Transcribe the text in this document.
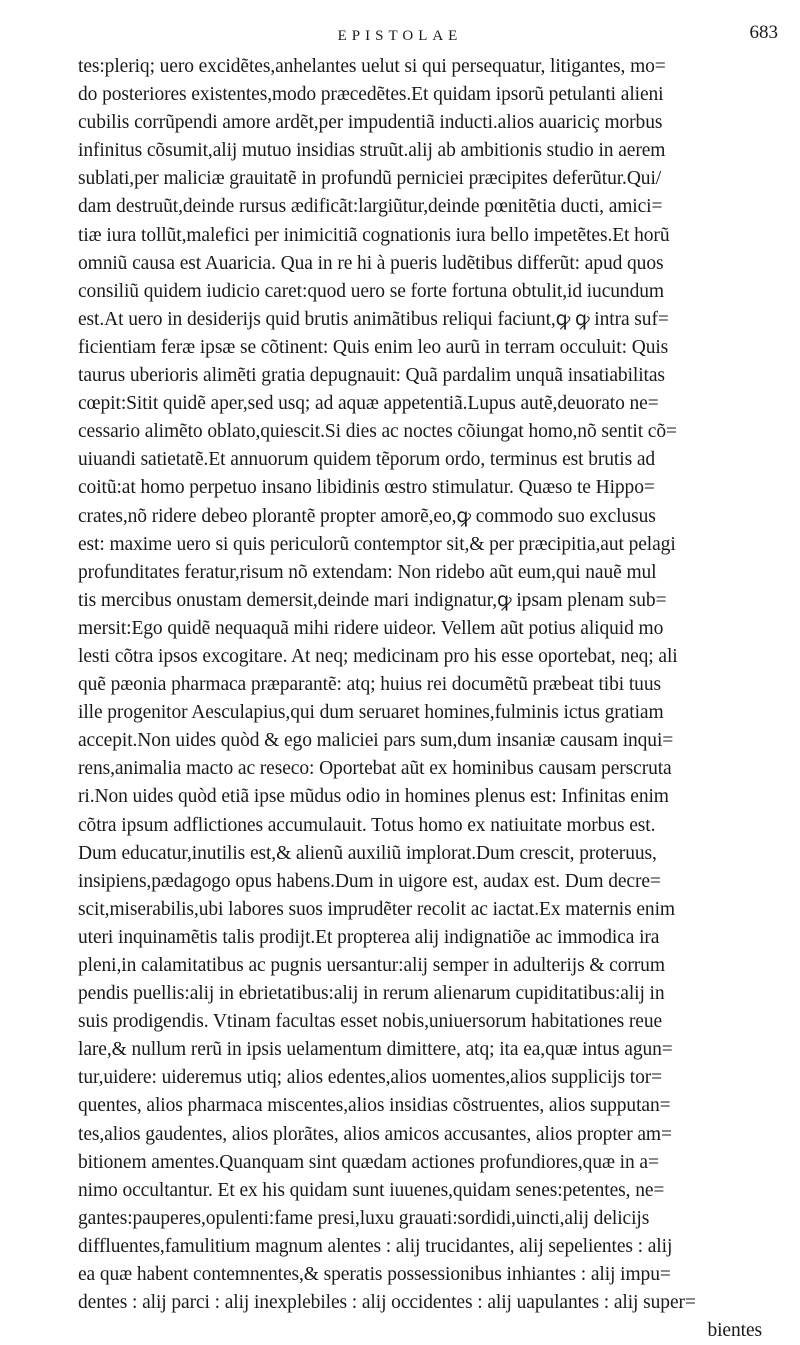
EPISTOLAE	683
tes:pleriq; uero excidẽtes,anhelantes uelut si qui persequatur, litigantes, mo=
do posteriores existentes,modo præcedẽtes.Et quidam ipsorũ petulanti alieni
cubilis corrũpendi amore ardẽt,per impudentiã inducti.alios auariciç morbus
infinitus cõsumit,alij mutuo insidias struũt.alij ab ambitionis studio in aerem
sublati,per maliciæ grauitatẽ in profundũ perniciei præcipites deferũtur.Qui/
dam destruũt,deinde rursus ædificãt:largiũtur,deinde pœnitẽtia ducti, amici=
tiæ iura tollũt,malefici per inimicitiã cognationis iura bello impetẽtes.Et horũ
omniũ causa est Auaricia. Qua in re hi à pueris ludẽtibus differũt: apud quos
consiliũ quidem iudicio caret:quod uero se forte fortuna obtulit,id iucundum
est.At uero in desiderijs quid brutis animãtibus reliqui faciunt,ꝙ ꝙ intra suf=
ficientiam feræ ipsæ se cõtinent: Quis enim leo aurũ in terram occuluit: Quis
taurus uberioris alimẽti gratia depugnauit: Quã pardalim unquã insatiabilitas
cœpit:Sitit quidẽ aper,sed usq; ad aquæ appetentiã.Lupus autẽ,deuorato ne=
cessario alimẽto oblato,quiescit.Si dies ac noctes cõiungat homo,nõ sentit cõ=
uiuandi satietatẽ.Et annuorum quidem tẽporum ordo, terminus est brutis ad
coitũ:at homo perpetuo insano libidinis œstro stimulatur. Quæso te Hippo=
crates,nõ ridere debeo plorantẽ propter amorẽ,eo,ꝙ commodo suo exclusus
est: maxime uero si quis periculorũ contemptor sit,& per præcipitia,aut pelagi
profunditates feratur,risum nõ extendam: Non ridebo aũt eum,qui nauẽ mul
tis mercibus onustam demersit,deinde mari indignatur,ꝙ ipsam plenam sub=
mersit:Ego quidẽ nequaquã mihi ridere uideor. Vellem aũt potius aliquid mo
lesti cõtra ipsos excogitare. At neq; medicinam pro his esse oportebat, neq; ali
quẽ pæonia pharmaca præparantẽ: atq; huius rei documẽtũ præbeat tibi tuus
ille progenitor Aesculapius,qui dum seruaret homines,fulminis ictus gratiam
accepit.Non uides quòd & ego maliciei pars sum,dum insaniæ causam inqui=
rens,animalia macto ac reseco: Oportebat aũt ex hominibus causam perscruta
ri.Non uides quòd etiã ipse mũdus odio in homines plenus est: Infinitas enim
cõtra ipsum adflictiones accumulauit. Totus homo ex natiuitate morbus est.
Dum educatur,inutilis est,& alienũ auxiliũ implorat.Dum crescit, proteruus,
insipiens,pædagogo opus habens.Dum in uigore est, audax est. Dum decre=
scit,miserabilis,ubi labores suos imprudẽter recolit ac iactat.Ex maternis enim
uteri inquinamẽtis talis prodijt.Et propterea alij indignatiõe ac immodica ira
pleni,in calamitatibus ac pugnis uersantur:alij semper in adulterijs & corrum
pendis puellis:alij in ebrietatibus:alij in rerum alienarum cupiditatibus:alij in
suis prodigendis. Vtinam facultas esset nobis,uniuersorum habitationes reue
lare,& nullum rerũ in ipsis uelamentum dimittere, atq; ita ea,quæ intus agun=
tur,uidere: uideremus utiq; alios edentes,alios uomentes,alios supplicijs tor=
quentes, alios pharmaca miscentes,alios insidias cõstruentes, alios supputan=
tes,alios gaudentes, alios plorãtes, alios amicos accusantes, alios propter am=
bitionem amentes.Quanquam sint quædam actiones profundiores,quæ in a=
nimo occultantur. Et ex his quidam sunt iuuenes,quidam senes:petentes, ne=
gantes:pauperes,opulenti:fame presi,luxu grauati:sordidi,uincti,alij delicijs
diffluentes,famulitium magnum alentes : alij trucidantes, alij sepelientes : alij
ea quæ habent contemnentes,& speratis possessionibus inhiantes : alij impu=
dentes : alij parci : alij inexplebiles : alij occidentes : alij uapulantes : alij super=
bientes
